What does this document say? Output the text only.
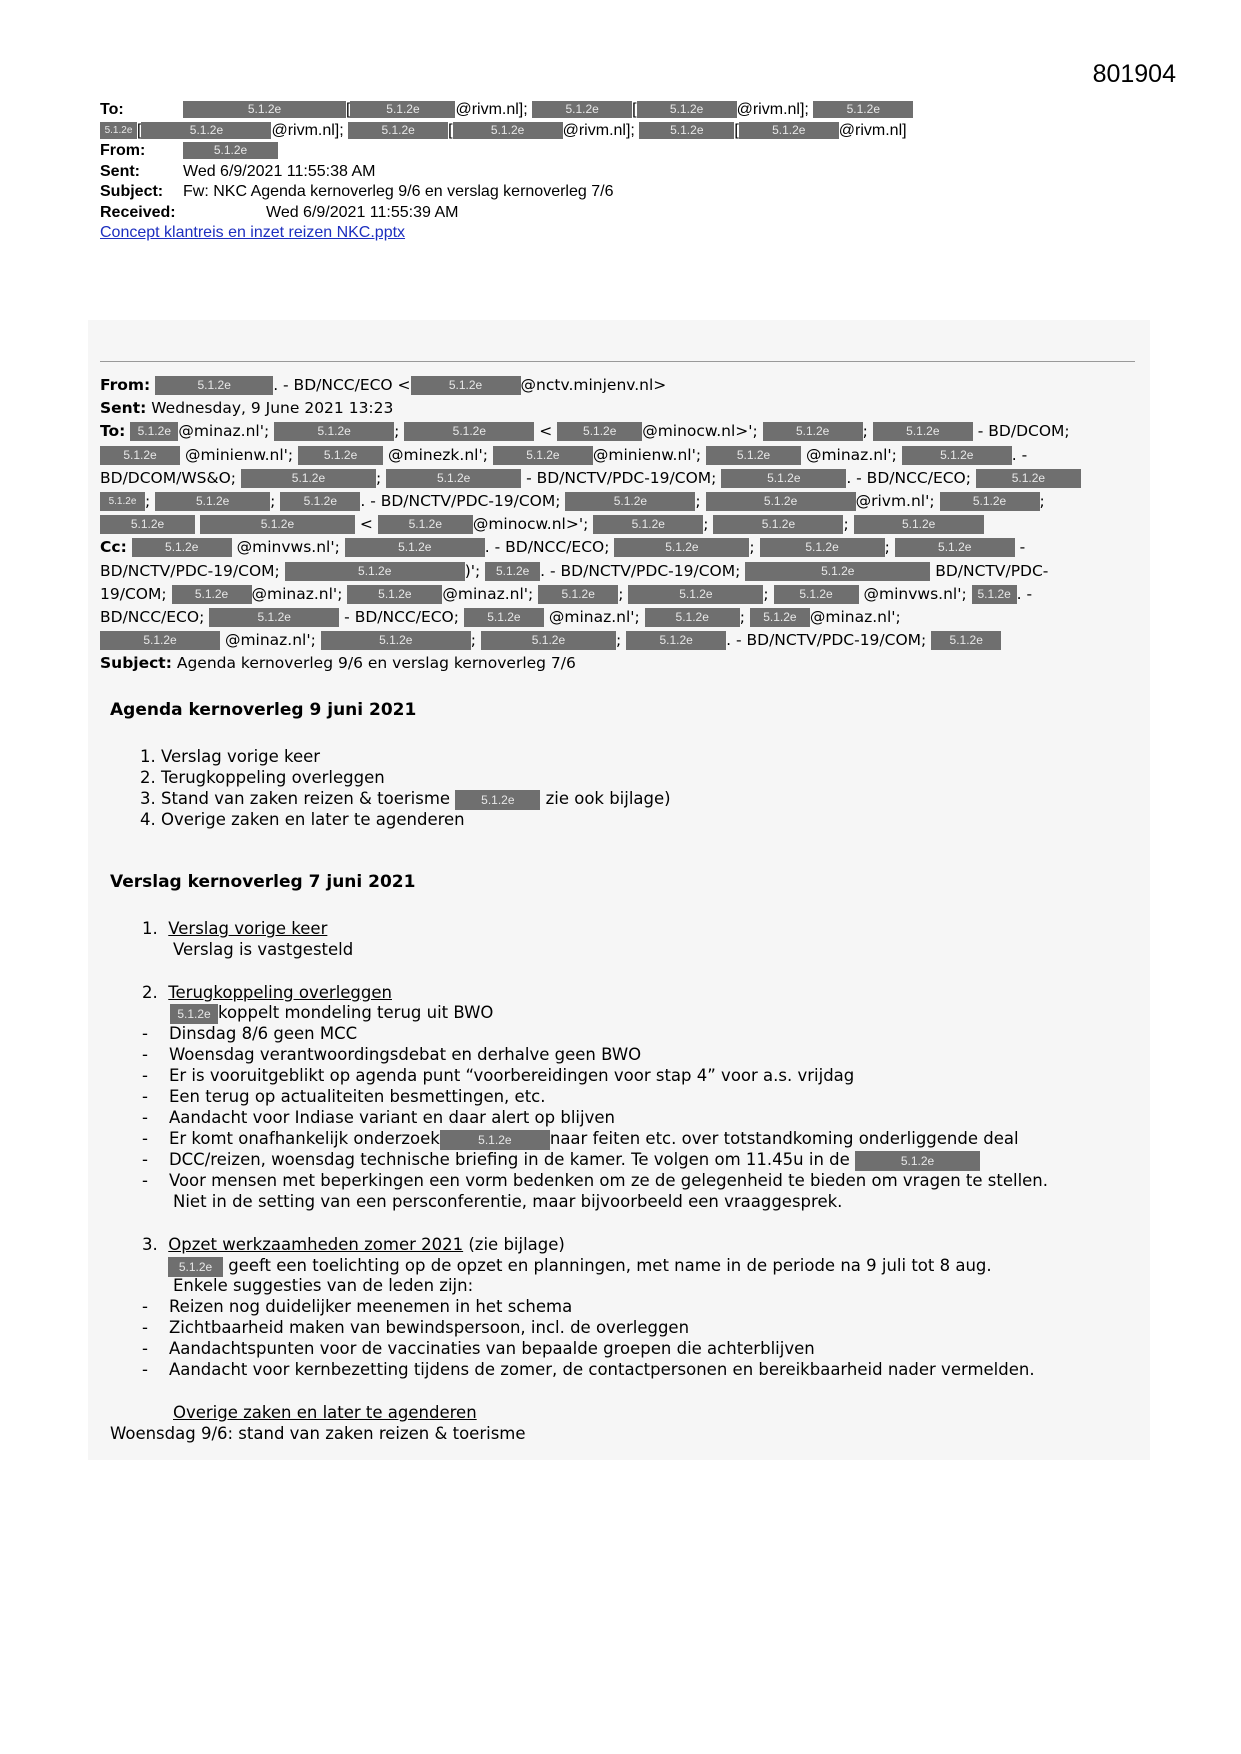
801904
To:	5.1.2e	[	5.1.2e @rivm.nl];	5.1.2e [	5.1.2e @rivm.nl];	5.1.2e
5.1.2e [	5.1.2e	@rivm.nl];	5.1.2e [	5.1.2e @rivm.nl];	5.1.2e [	5.1.2e @rivm.nl]
From:	5.1.2e
Sent:	Wed 6/9/2021 11:55:38 AM
Subject: Fw: NKC Agenda kernoverleg 9/6 en verslag kernoverleg 7/6
Received:	Wed 6/9/2021 11:55:39 AM
Concept klantreis en inzet reizen NKC.pptx
From:	5.1.2e	. - BD/NCC/ECO <	5.1.2e @nctv.minjenv.nl>
Sent: Wednesday, 9 June 2021 13:23
To: 5.1.2e @minaz.nl';	5.1.2e	;	5.1.2e	<	5.1.2e @minocw.nl>';	5.1.2e ;	5.1.2e - BD/DCOM;
5.1.2e @minienw.nl';	5.1.2e @minezk.nl';	5.1.2e @minienw.nl';	5.1.2e @minaz.nl';	5.1.2e . -
BD/DCOM/WS&O;	5.1.2e	;	5.1.2e	- BD/NCTV/PDC-19/COM;	5.1.2e	. - BD/NCC/ECO;	5.1.2e
5.1.2e ;	5.1.2e	; 5.1.2e . - BD/NCTV/PDC-19/COM;	5.1.2e	;	5.1.2e	@rivm.nl';	5.1.2e ;
5.1.2e	5.1.2e	<	5.1.2e @minocw.nl>';	5.1.2e ;	5.1.2e	;	5.1.2e
Cc:	5.1.2e @minvws.nl';	5.1.2e	. - BD/NCC/ECO;	5.1.2e	;	5.1.2e	;	5.1.2e	-
BD/NCTV/PDC-19/COM;	5.1.2e	)'; 5.1.2e . - BD/NCTV/PDC-19/COM;	5.1.2e	BD/NCTV/PDC-
19/COM; 5.1.2e @minaz.nl';	5.1.2e @minaz.nl'; 5.1.2e ;	5.1.2e	;	5.1.2e @minvws.nl'; 5.1.2e . -
BD/NCC/ECO;	5.1.2e	- BD/NCC/ECO; 5.1.2e @minaz.nl';	5.1.2e ; 5.1.2e @minaz.nl';
5.1.2e	@minaz.nl';	5.1.2e	;	5.1.2e	;	5.1.2e . - BD/NCTV/PDC-19/COM; 5.1.2e
Subject: Agenda kernoverleg 9/6 en verslag kernoverleg 7/6
Agenda kernoverleg 9 juni 2021
1. Verslag vorige keer
2. Terugkoppeling overleggen
3. Stand van zaken reizen & toerisme	5.1.2e zie ook bijlage)
4. Overige zaken en later te agenderen
Verslag kernoverleg 7 juni 2021
1. Verslag vorige keer
Verslag is vastgesteld
2. Terugkoppeling overleggen
5.1.2e koppelt mondeling terug uit BWO
- Dinsdag 8/6 geen MCC
- Woensdag verantwoordingsdebat en derhalve geen BWO
- Er is vooruitgeblikt op agenda punt “voorbereidingen voor stap 4” voor a.s. vrijdag
- Een terug op actualiteiten besmettingen, etc.
- Aandacht voor Indiase variant en daar alert op blijven
- Er komt onafhankelijk onderzoek	5.1.2e naar feiten etc. over totstandkoming onderliggende deal
- DCC/reizen, woensdag technische briefing in de kamer. Te volgen om 11.45u in de	5.1.2e
- Voor mensen met beperkingen een vorm bedenken om ze de gelegenheid te bieden om vragen te stellen.
Niet in de setting van een persconferentie, maar bijvoorbeeld een vraaggesprek.
3. Opzet werkzaamheden zomer 2021 (zie bijlage)
5.1.2e geeft een toelichting op de opzet en planningen, met name in de periode na 9 juli tot 8 aug.
Enkele suggesties van de leden zijn:
- Reizen nog duidelijker meenemen in het schema
- Zichtbaarheid maken van bewindspersoon, incl. de overleggen
- Aandachtspunten voor de vaccinaties van bepaalde groepen die achterblijven
- Aandacht voor kernbezetting tijdens de zomer, de contactpersonen en bereikbaarheid nader vermelden.
Overige zaken en later te agenderen
Woensdag 9/6: stand van zaken reizen & toerisme
